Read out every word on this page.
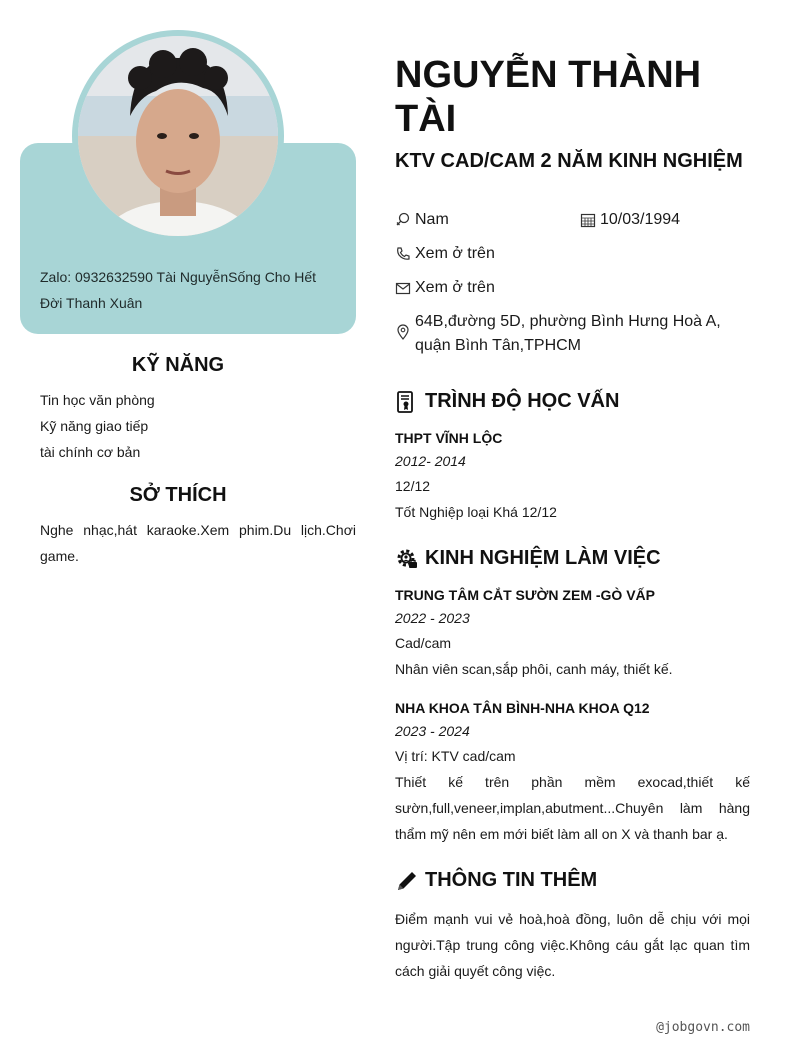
Zalo: 0932632590 Tài NguyễnSống Cho Hết Đời Thanh Xuân
KỸ NĂNG
Tin học văn phòng
Kỹ năng giao tiếp
tài chính cơ bản
SỞ THÍCH
Nghe nhạc,hát karaoke.Xem phim.Du lịch.Chơi game.
NGUYỄN THÀNH TÀI
KTV CAD/CAM 2 NĂM KINH NGHIỆM
Nam	10/03/1994
Xem ở trên
Xem ở trên
64B,đường 5D, phường Bình Hưng Hoà A, quận Bình Tân,TPHCM
TRÌNH ĐỘ HỌC VẤN
THPT VĨNH LỘC
2012- 2014
12/12
Tốt Nghiệp loại Khá 12/12
KINH NGHIỆM LÀM VIỆC
TRUNG TÂM CẮT SƯỜN ZEM -GÒ VẤP
2022 - 2023
Cad/cam
Nhân viên scan,sắp phôi, canh máy, thiết kế.
NHA KHOA TÂN BÌNH-NHA KHOA Q12
2023 - 2024
Vị trí: KTV cad/cam
Thiết kế trên phần mềm exocad,thiết kế sườn,full,veneer,implan,abutment...Chuyên làm hàng thẩm mỹ nên em mới biết làm all on X và thanh bar ạ.
THÔNG TIN THÊM
Điểm mạnh vui vẻ hoà,hoà đồng, luôn dễ chịu với mọi người.Tập trung công việc.Không cáu gắt lạc quan tìm cách giải quyết công việc.
@jobgovn.com
